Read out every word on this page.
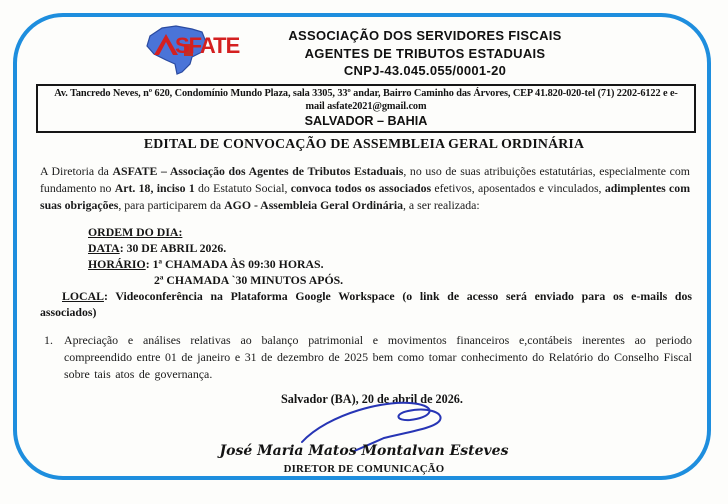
SFATE	ASSOCIAÇÃO DOS SERVIDORES FISCAIS
AGENTES DE TRIBUTOS ESTADUAIS
CNPJ-43.045.055/0001-20
Av. Tancredo Neves, nº 620, Condomínio Mundo Plaza, sala 3305, 33º andar, Bairro Caminho das Árvores, CEP 41.820-020-tel (71) 2202-6122 e e-mail asfate2021@gmail.com
SALVADOR – BAHIA
EDITAL DE CONVOCAÇÃO DE ASSEMBLEIA GERAL ORDINÁRIA
A Diretoria da ASFATE – Associação dos Agentes de Tributos Estaduais, no uso de suas atribuições estatutárias, especialmente com fundamento no Art. 18, inciso 1 do Estatuto Social, convoca todos os associados efetivos, aposentados e vinculados, adimplentes com suas obrigações, para participarem da AGO - Assembleia Geral Ordinária, a ser realizada:
ORDEM DO DIA:
DATA: 30 DE ABRIL 2026.
HORÁRIO: 1ª CHAMADA ÀS 09:30 HORAS.
2ª CHAMADA `30 MINUTOS APÓS.
LOCAL: Videoconferência na Plataforma Google Workspace (o link de acesso será enviado para os e-mails dos associados)
1. Apreciação e análises relativas ao balanço patrimonial e movimentos financeiros e,contábeis inerentes ao periodo compreendido entre 01 de janeiro e 31 de dezembro de 2025 bem como tomar conhecimento do Relatório do Conselho Fiscal sobre tais atos de governança.
Salvador (BA), 20 de abril de 2026.
José Maria Matos Montalvan Esteves
DIRETOR DE COMUNICAÇÃO
